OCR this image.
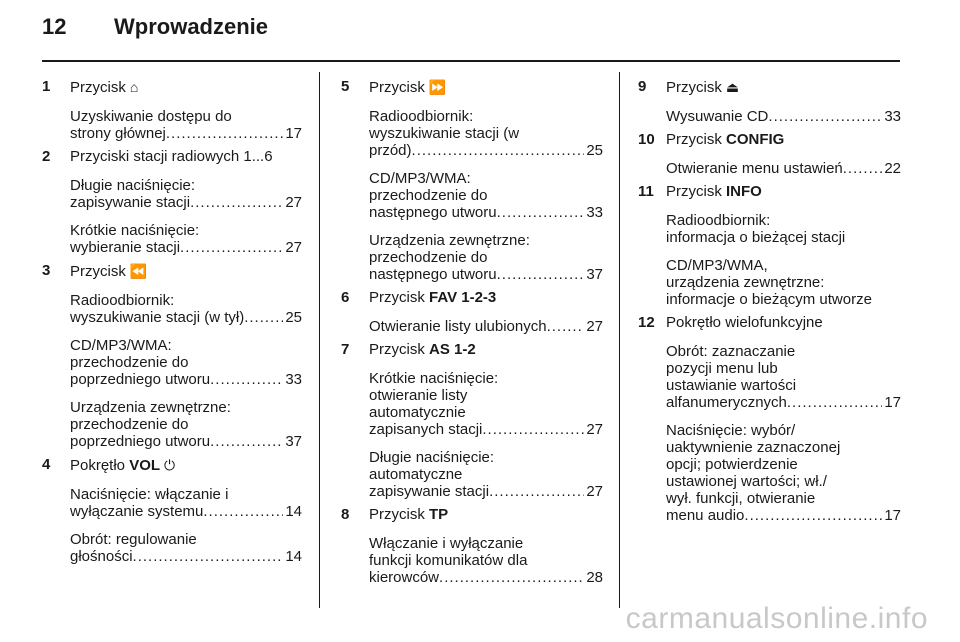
12 Wprowadzenie
1	Przycisk ⌂
Uzyskiwanie dostępu do
strony głównej .....	17
2	Przyciski stacji radiowych 1...6
Długie naciśnięcie:
zapisywanie stacji .....	27
Krótkie naciśnięcie:
wybieranie stacji .....	27
3	Przycisk ⏪
Radioodbiornik:
wyszukiwanie stacji (w tył) .....	25
CD/MP3/WMA:
przechodzenie do
poprzedniego utworu .....	33
Urządzenia zewnętrzne:
przechodzenie do
poprzedniego utworu .....	37
4	Pokrętło VOL ⏻
Naciśnięcie: włączanie i
wyłączanie systemu .....	14
Obrót: regulowanie
głośności .....	14
5	Przycisk ⏩
Radioodbiornik:
wyszukiwanie stacji (w
przód) .....	25
CD/MP3/WMA:
przechodzenie do
następnego utworu .....	33
Urządzenia zewnętrzne:
przechodzenie do
następnego utworu .....	37
6	Przycisk FAV 1-2-3
Otwieranie listy ulubionych .....	27
7	Przycisk AS 1-2
Krótkie naciśnięcie:
otwieranie listy
automatycznie
zapisanych stacji .....	27
Długie naciśnięcie:
automatyczne
zapisywanie stacji .....	27
8	Przycisk TP
Włączanie i wyłączanie
funkcji komunikatów dla
kierowców .....	28
9	Przycisk ⏏
Wysuwanie CD .....	33
10 Przycisk CONFIG
Otwieranie menu ustawień .....	22
11 Przycisk INFO
Radioodbiornik:
informacja o bieżącej stacji
CD/MP3/WMA,
urządzenia zewnętrzne:
informacje o bieżącym utworze
12 Pokrętło wielofunkcyjne
Obrót: zaznaczanie
pozycji menu lub
ustawianie wartości
alfanumerycznych .....	17
Naciśnięcie: wybór/
uaktywnienie zaznaczonej
opcji; potwierdzenie
ustawionej wartości; wł./
wył. funkcji, otwieranie
menu audio .....	17
carmanualsonline.info
